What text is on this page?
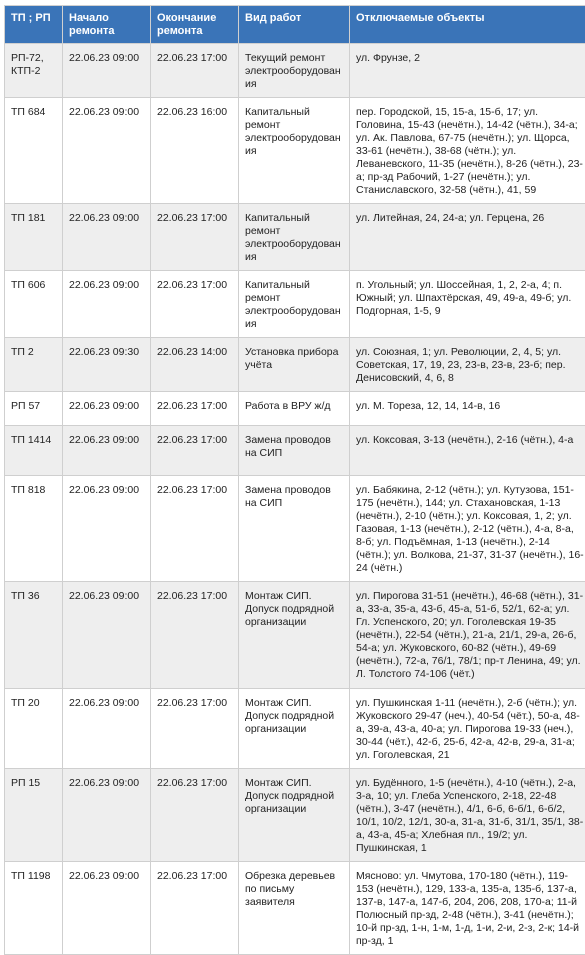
ТП ; РП	Начало ремонта	Окончание ремонта	Вид работ	Отключаемые объекты
РП-72, КТП-2	22.06.23 09:00	22.06.23 17:00	Текущий ремонт электрооборудования	ул. Фрунзе, 2
ТП 684	22.06.23 09:00	22.06.23 16:00	Капитальный ремонт электрооборудования	пер. Городской, 15, 15-а, 15-б, 17; ул. Головина, 15-43 (нечётн.), 14-42 (чётн.), 34-а; ул. Ак. Павлова, 67-75 (нечётн.); ул. Щорса, 33-61 (нечётн.), 38-68 (чётн.); ул. Леваневского, 11-35 (нечётн.), 8-26 (чётн.), 23-а; пр-зд Рабочий, 1-27 (нечётн.); ул. Станиславского, 32-58 (чётн.), 41, 59
ТП 181	22.06.23 09:00	22.06.23 17:00	Капитальный ремонт электрооборудования	ул. Литейная, 24, 24-а; ул. Герцена, 26
ТП 606	22.06.23 09:00	22.06.23 17:00	Капитальный ремонт электрооборудования	п. Угольный; ул. Шоссейная, 1, 2, 2-а, 4; п. Южный; ул. Шпахтёрская, 49, 49-а, 49-б; ул. Подгорная, 1-5, 9
ТП 2	22.06.23 09:30	22.06.23 14:00	Установка прибора учёта	ул. Союзная, 1; ул. Революции, 2, 4, 5; ул. Советская, 17, 19, 23, 23-в, 23-в, 23-б; пер. Денисовский, 4, 6, 8
РП 57	22.06.23 09:00	22.06.23 17:00	Работа в ВРУ ж/д	ул. М. Тореза, 12, 14, 14-в, 16
ТП 1414	22.06.23 09:00	22.06.23 17:00	Замена проводов на СИП	ул. Коксовая, 3-13 (нечётн.), 2-16 (чётн.), 4-а
ТП 818	22.06.23 09:00	22.06.23 17:00	Замена проводов на СИП	ул. Бабякина, 2-12 (чётн.); ул. Кутузова, 151-175 (нечётн.), 144; ул. Стахановская, 1-13 (нечётн.), 2-10 (чётн.); ул. Коксовая, 1, 2; ул. Газовая, 1-13 (нечётн.), 2-12 (чётн.), 4-а, 8-а, 8-б; ул. Подъёмная, 1-13 (нечётн.), 2-14 (чётн.); ул. Волкова, 21-37, 31-37 (нечётн.), 16-24 (чётн.)
ТП 36	22.06.23 09:00	22.06.23 17:00	Монтаж СИП. Допуск подрядной организации	ул. Пирогова 31-51 (нечётн.), 46-68 (чётн.), 31-а, 33-а, 35-а, 43-б, 45-а, 51-б, 52/1, 62-а; ул. Гл. Успенского, 20; ул. Гоголевская 19-35 (нечётн.), 22-54 (чётн.), 21-а, 21/1, 29-а, 26-б, 54-а; ул. Жуковского, 60-82 (чётн.), 49-69 (нечётн.), 72-а, 76/1, 78/1; пр-т Ленина, 49; ул. Л. Толстого 74-106 (чёт.)
ТП 20	22.06.23 09:00	22.06.23 17:00	Монтаж СИП. Допуск подрядной организации	ул. Пушкинская 1-11 (нечётн.), 2-б (чётн.); ул. Жуковского 29-47 (неч.), 40-54 (чёт.), 50-а, 48-а, 39-а, 43-а, 40-а; ул. Пирогова 19-33 (неч.), 30-44 (чёт.), 42-б, 25-б, 42-а, 42-в, 29-а, 31-а; ул. Гоголевская, 21
РП 15	22.06.23 09:00	22.06.23 17:00	Монтаж СИП. Допуск подрядной организации	ул. Будённого, 1-5 (нечётн.), 4-10 (чётн.), 2-а, 3-а, 10; ул. Глеба Успенского, 2-18, 22-48 (чётн.), 3-47 (нечётн.), 4/1, 6-б, 6-б/1, 6-б/2, 10/1, 10/2, 12/1, 30-а, 31-а, 31-б, 31/1, 35/1, 38-а, 43-а, 45-а; Хлебная пл., 19/2; ул. Пушкинская, 1
ТП 1198	22.06.23 09:00	22.06.23 17:00	Обрезка деревьев по письму заявителя	Мясново: ул. Чмутова, 170-180 (чётн.), 119-153 (нечётн.), 129, 133-а, 135-а, 135-б, 137-а, 137-в, 147-а, 147-б, 204, 206, 208, 170-а; 11-й Полюсный пр-зд, 2-48 (чётн.), 3-41 (нечётн.); 10-й пр-зд, 1-н, 1-м, 1-д, 1-и, 2-и, 2-з, 2-к; 14-й пр-зд, 1
